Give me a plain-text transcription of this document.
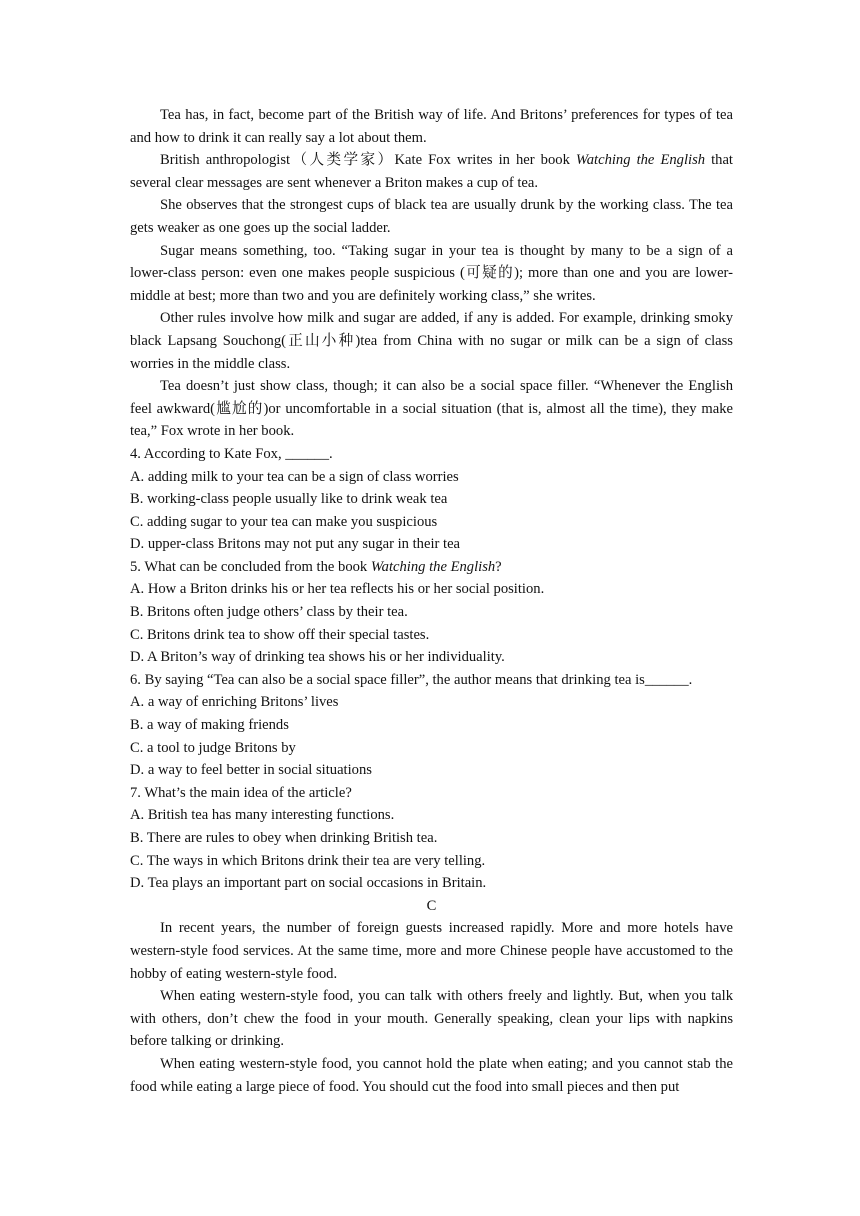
Tea has, in fact, become part of the British way of life. And Britons’ preferences for types of tea and how to drink it can really say a lot about them.

British anthropologist（人类学家）Kate Fox writes in her book Watching the English that several clear messages are sent whenever a Briton makes a cup of tea.

She observes that the strongest cups of black tea are usually drunk by the working class. The tea gets weaker as one goes up the social ladder.

Sugar means something, too. “Taking sugar in your tea is thought by many to be a sign of a lower-class person: even one makes people suspicious (可疑的); more than one and you are lower-middle at best; more than two and you are definitely working class,” she writes.

Other rules involve how milk and sugar are added, if any is added. For example, drinking smoky black Lapsang Souchong(正山小种)tea from China with no sugar or milk can be a sign of class worries in the middle class.

Tea doesn’t just show class, though; it can also be a social space filler. “Whenever the English feel awkward(尴尬的)or uncomfortable in a social situation (that is, almost all the time), they make tea,” Fox wrote in her book.

4. According to Kate Fox, ______.

A. adding milk to your tea can be a sign of class worries

B. working-class people usually like to drink weak tea

C. adding sugar to your tea can make you suspicious

D. upper-class Britons may not put any sugar in their tea

5. What can be concluded from the book Watching the English?

A. How a Briton drinks his or her tea reflects his or her social position.

B. Britons often judge others’ class by their tea.

C. Britons drink tea to show off their special tastes.

D. A Briton’s way of drinking tea shows his or her individuality.

6. By saying “Tea can also be a social space filler”, the author means that drinking tea is______.

A. a way of enriching Britons’ lives

B. a way of making friends

C. a tool to judge Britons by

D. a way to feel better in social situations

7. What’s the main idea of the article?

A. British tea has many interesting functions.

B. There are rules to obey when drinking British tea.

C. The ways in which Britons drink their tea are very telling.

D. Tea plays an important part on social occasions in Britain.

C

In recent years, the number of foreign guests increased rapidly. More and more hotels have western-style food services. At the same time, more and more Chinese people have accustomed to the hobby of eating western-style food.

When eating western-style food, you can talk with others freely and lightly. But, when you talk with others, don’t chew the food in your mouth. Generally speaking, clean your lips with napkins before talking or drinking.

When eating western-style food, you cannot hold the plate when eating; and you cannot stab the food while eating a large piece of food. You should cut the food into small pieces and then put
